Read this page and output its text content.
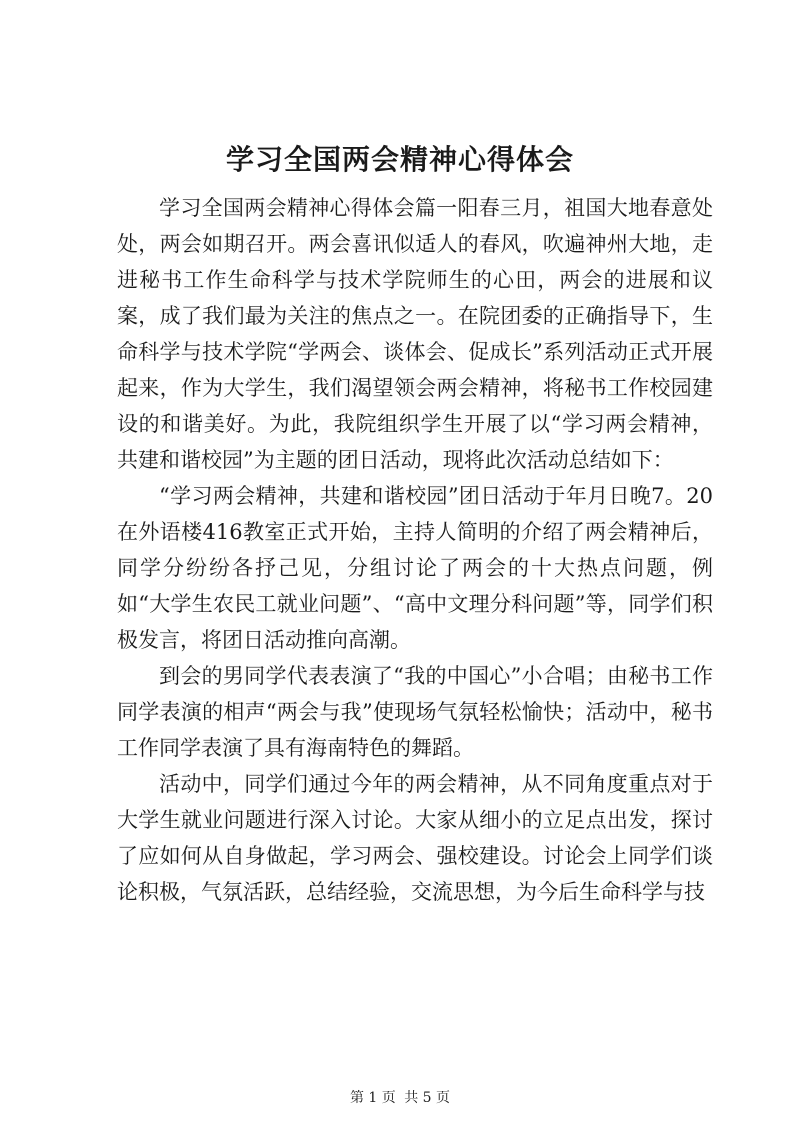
学习全国两会精神心得体会

学习全国两会精神心得体会篇一阳春三月，祖国大地春意处处，两会如期召开。两会喜讯似适人的春风，吹遍神州大地，走进秘书工作生命科学与技术学院师生的心田，两会的进展和议案，成了我们最为关注的焦点之一。在院团委的正确指导下，生命科学与技术学院“学两会、谈体会、促成长”系列活动正式开展起来，作为大学生，我们渴望领会两会精神，将秘书工作校园建设的和谐美好。为此，我院组织学生开展了以“学习两会精神，共建和谐校园”为主题的团日活动，现将此次活动总结如下：

“学习两会精神，共建和谐校园”团日活动于年月日晚7。20在外语楼416教室正式开始，主持人简明的介绍了两会精神后，同学分纷纷各抒己见，分组讨论了两会的十大热点问题，例如“大学生农民工就业问题”、“高中文理分科问题”等，同学们积极发言，将团日活动推向高潮。

到会的男同学代表表演了“我的中国心”小合唱；由秘书工作同学表演的相声“两会与我”使现场气氛轻松愉快；活动中，秘书工作同学表演了具有海南特色的舞蹈。

活动中，同学们通过今年的两会精神，从不同角度重点对于大学生就业问题进行深入讨论。大家从细小的立足点出发，探讨了应如何从自身做起，学习两会、强校建设。讨论会上同学们谈论积极，气氛活跃，总结经验，交流思想，为今后生命科学与技

第 1 页 共 5 页
